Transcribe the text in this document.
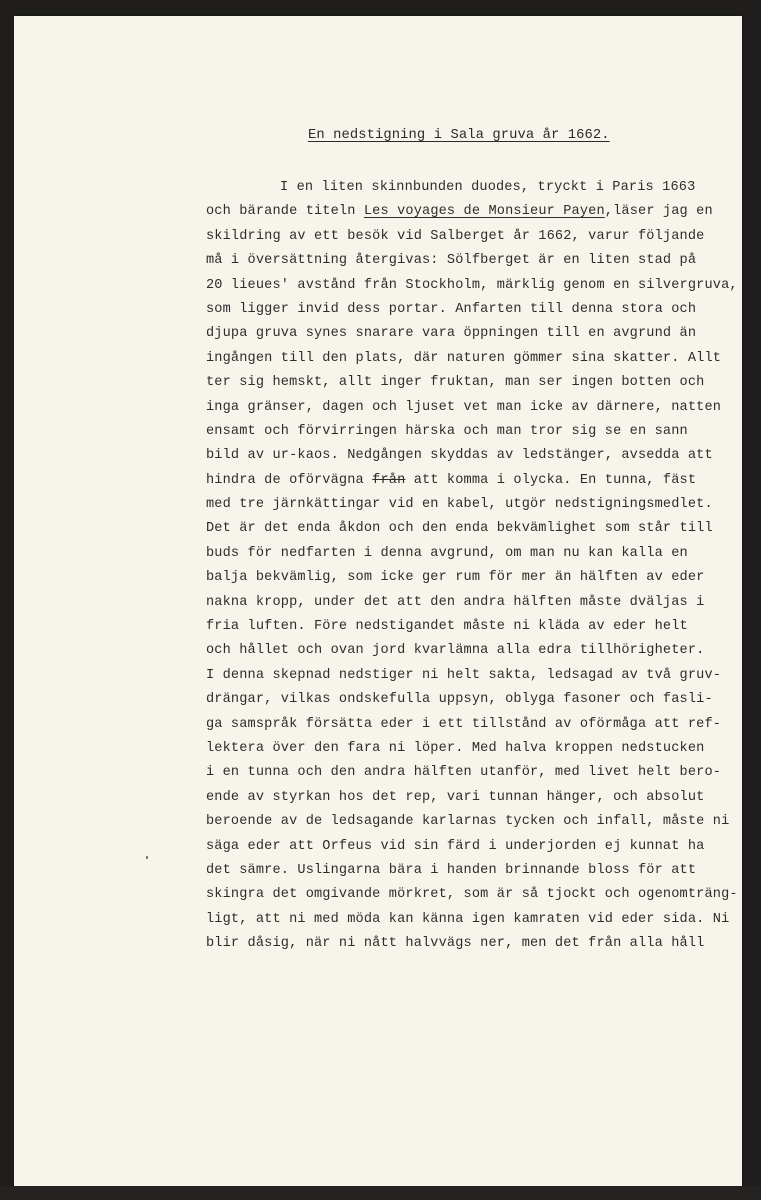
En nedstigning i Sala gruva år 1662.
I en liten skinnbunden duodes, tryckt i Paris 1663
och bärande titeln Les voyages de Monsieur Payen,läser jag en
skildring av ett besök vid Salberget år 1662, varur följande
må i översättning återgivas: Sölfberget är en liten stad på
20 lieues' avstånd från Stockholm, märklig genom en silvergruva,
som ligger invid dess portar. Anfarten till denna stora och
djupa gruva synes snarare vara öppningen till en avgrund än
ingången till den plats, där naturen gömmer sina skatter. Allt
ter sig hemskt, allt inger fruktan, man ser ingen botten och
inga gränser, dagen och ljuset vet man icke av därnere, natten
ensamt och förvirringen härska och man tror sig se en sann
bild av ur-kaos. Nedgången skyddas av ledstänger, avsedda att
hindra de oförvägna från att komma i olycka. En tunna, fäst
med tre järnkättingar vid en kabel, utgör nedstigningsmedlet.
Det är det enda åkdon och den enda bekvämlighet som står till
buds för nedfarten i denna avgrund, om man nu kan kalla en
balja bekvämlig, som icke ger rum för mer än hälften av eder
nakna kropp, under det att den andra hälften måste dväljas i
fria luften. Före nedstigandet måste ni kläda av eder helt
och hållet och ovan jord kvarlämna alla edra tillhörigheter.
I denna skepnad nedstiger ni helt sakta, ledsagad av två gruv-
drängar, vilkas ondskefulla uppsyn, oblyga fasoner och fasli-
ga samspråk försätta eder i ett tillstånd av oförmåga att ref-
lektera över den fara ni löper. Med halva kroppen nedstucken
i en tunna och den andra hälften utanför, med livet helt bero-
ende av styrkan hos det rep, vari tunnan hänger, och absolut
beroende av de ledsagande karlarnas tycken och infall, måste ni
säga eder att Orfeus vid sin färd i underjorden ej kunnat ha
det sämre. Uslingarna bära i handen brinnande bloss för att
skingra det omgivande mörkret, som är så tjockt och ogenomträng-
ligt, att ni med möda kan känna igen kamraten vid eder sida. Ni
blir dåsig, när ni nått halvvägs ner, men det från alla håll
